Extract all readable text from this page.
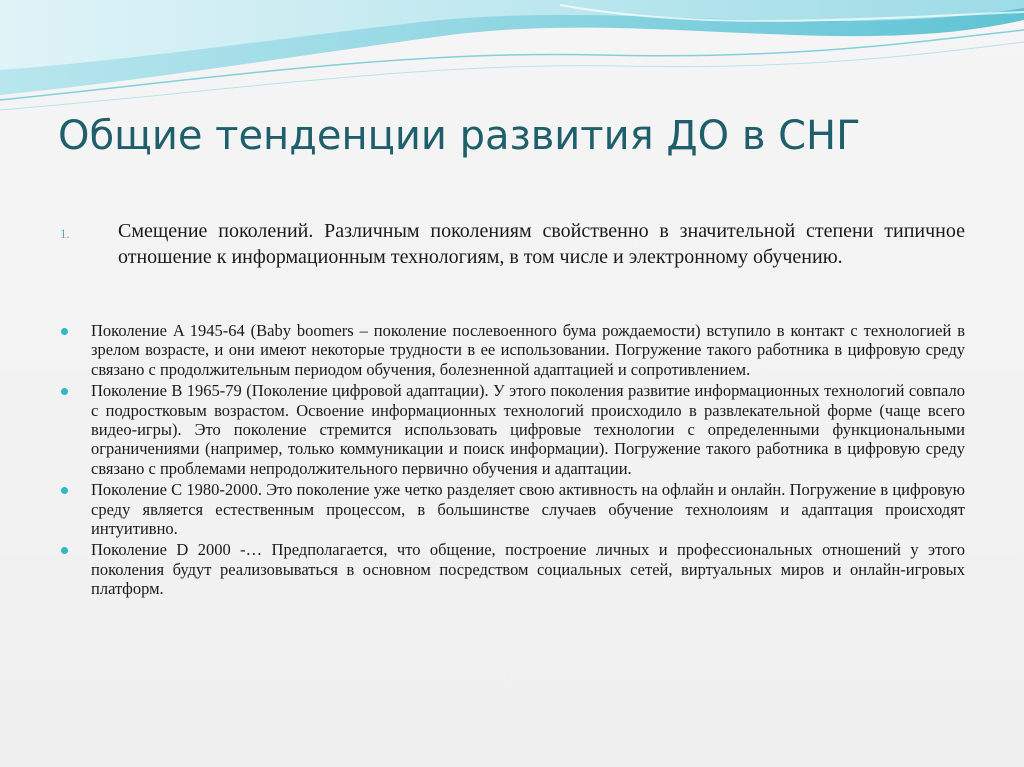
Общие тенденции развития ДО в СНГ
1. Смещение поколений. Различным поколениям свойственно в значительной степени типичное отношение к информационным технологиям, в том числе и электронному обучению.
Поколение A 1945-64 (Baby boomers – поколение послевоенного бума рождаемости) вступило в контакт с технологией в зрелом возрасте, и они имеют некоторые трудности в ее использовании. Погружение такого работника в цифровую среду связано с продолжительным периодом обучения, болезненной адаптацией и сопротивлением.
Поколение B 1965-79 (Поколение цифровой адаптации). У этого поколения развитие информационных технологий совпало с подростковым возрастом. Освоение информационных технологий происходило в развлекательной форме (чаще всего видео-игры). Это поколение стремится использовать цифровые технологии с определенными функциональными ограничениями (например, только коммуникации и поиск информации). Погружение такого работника в цифровую среду связано с проблемами непродолжительного первично обучения и адаптации.
Поколение C 1980-2000. Это поколение уже четко разделяет свою активность на офлайн и онлайн. Погружение в цифровую среду является естественным процессом, в большинстве случаев обучение технолоиям и адаптация происходят интуитивно.
Поколение D 2000 -… Предполагается, что общение, построение личных и профессиональных отношений у этого поколения будут реализовываться в основном посредством социальных сетей, виртуальных миров и онлайн-игровых платформ.
